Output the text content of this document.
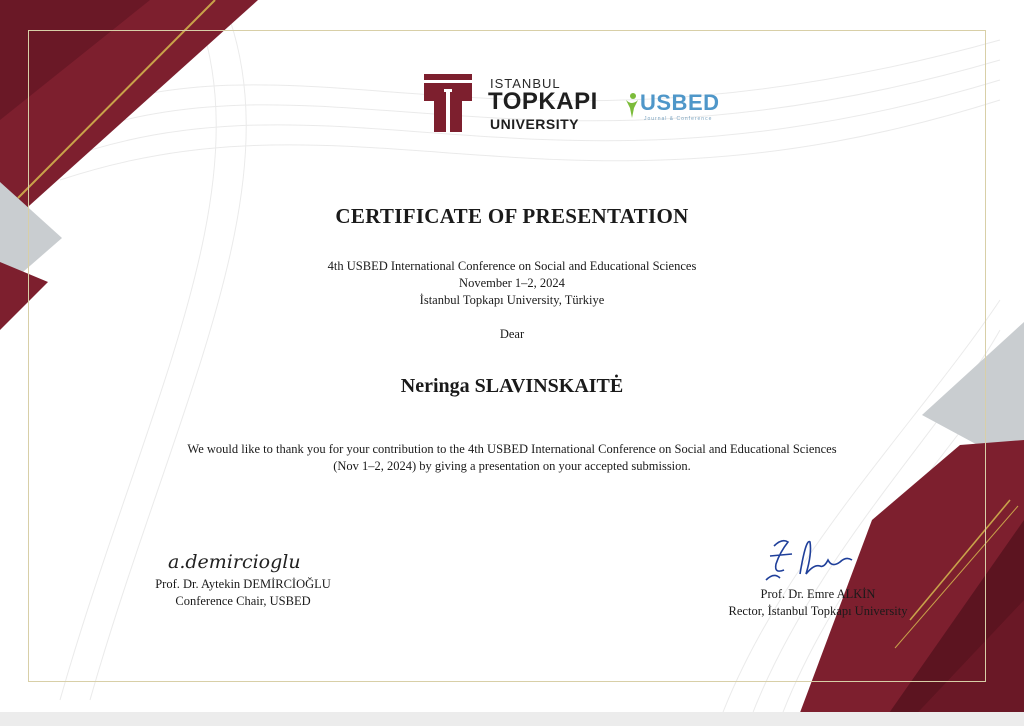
ISTANBUL
TOPKAPI
UNIVERSITY
USBED
Journal & Conference
CERTIFICATE OF PRESENTATION
4th USBED International Conference on Social and Educational Sciences
November 1–2, 2024
İstanbul Topkapı University, Türkiye
Dear
Neringa SLAVINSKAITĖ
We would like to thank you for your contribution to the 4th USBED International Conference on Social and Educational Sciences
(Nov 1–2, 2024) by giving a presentation on your accepted submission.
a.demircioglu
Prof. Dr. Aytekin DEMİRCİOĞLU
Conference Chair, USBED	Prof. Dr. Emre ALKİN
Rector, İstanbul Topkapı University
